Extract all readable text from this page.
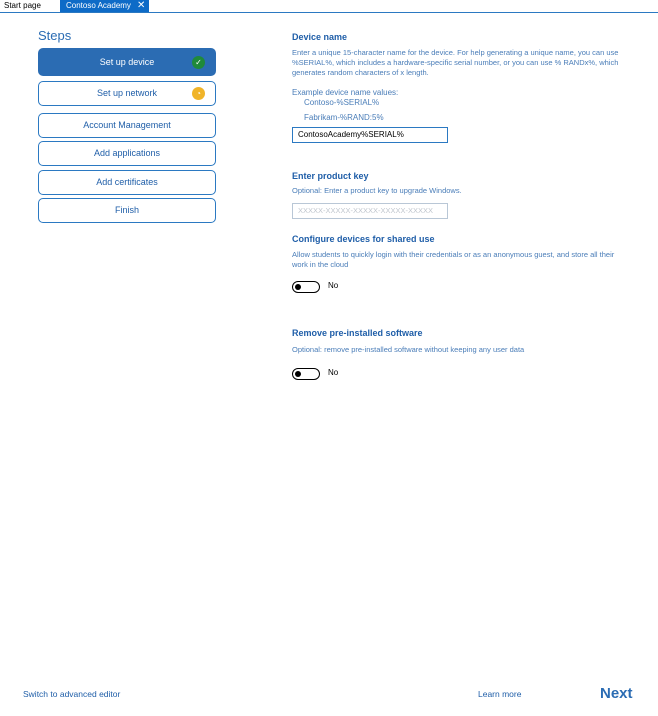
Start page	Contoso Academy ✕
Steps
Set up device	✓
Set up network	◔
Account Management
Add applications
Add certificates
Finish
Device name
Enter a unique 15-character name for the device. For help generating a unique name, you can use %SERIAL%, which includes a hardware-specific serial number, or you can use % RANDx%, which generates random characters of x length.
Example device name values:
Contoso-%SERIAL%
Fabrikam-%RAND:5%
ContosoAcademy%SERIAL%
Enter product key
Optional: Enter a product key to upgrade Windows.
XXXXX-XXXXX-XXXXX-XXXXX-XXXXX
Configure devices for shared use
Allow students to quickly login with their credentials or as an anonymous guest, and store all their work in the cloud
No
Remove pre-installed software
Optional: remove pre-installed software without keeping any user data
No
Switch to advanced editor	Learn more	Next
